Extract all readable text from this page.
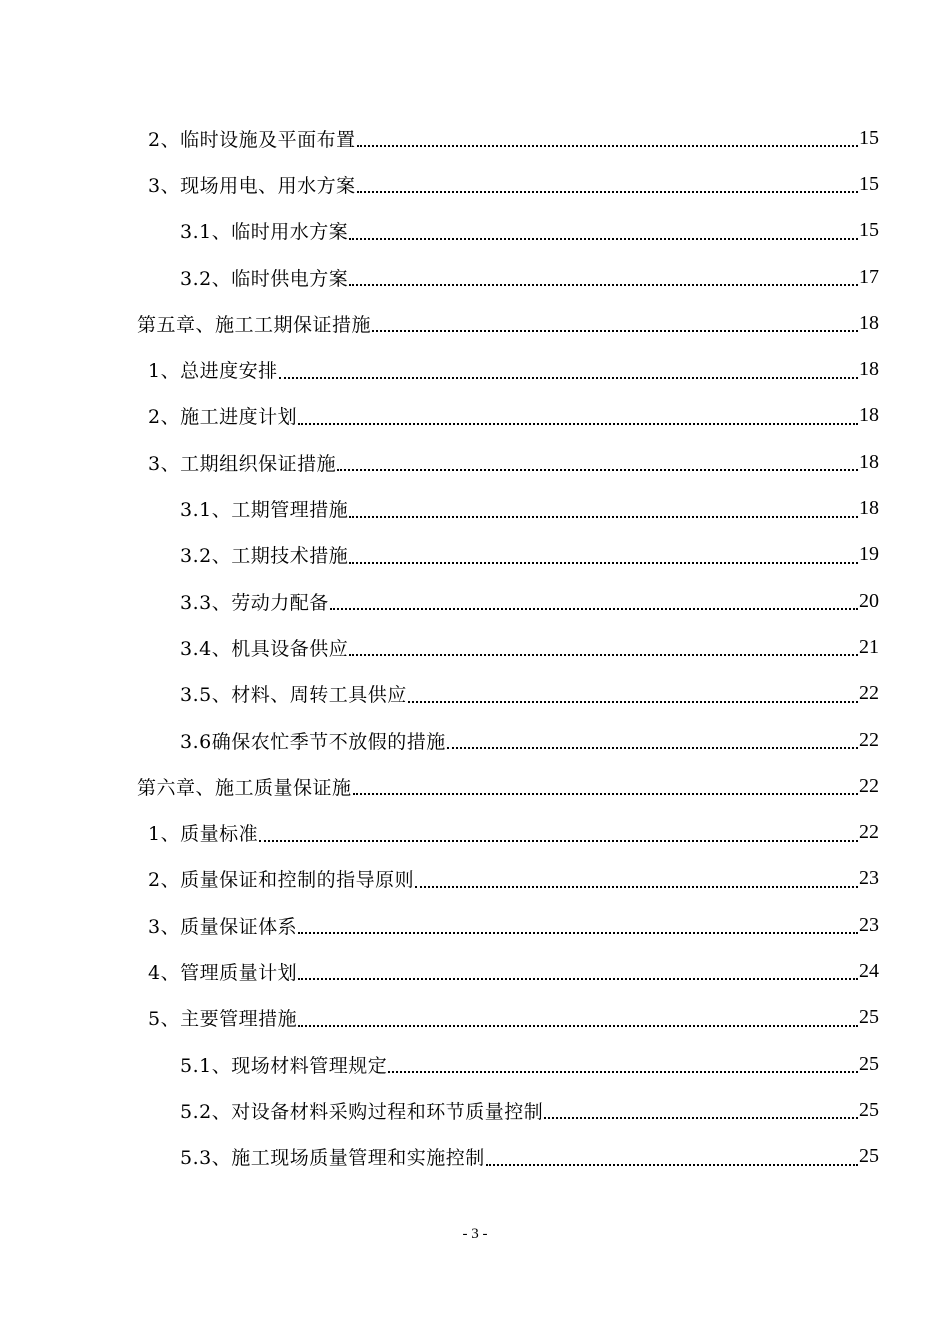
2、临时设施及平面布置	15
3、现场用电、用水方案	15
3.1、临时用水方案	15
3.2、临时供电方案	17
第五章、施工工期保证措施	18
1、总进度安排	18
2、施工进度计划	18
3、工期组织保证措施	18
3.1、工期管理措施	18
3.2、工期技术措施	19
3.3、劳动力配备	20
3.4、机具设备供应	21
3.5、材料、周转工具供应	22
3.6确保农忙季节不放假的措施	22
第六章、施工质量保证施	22
1、质量标准	22
2、质量保证和控制的指导原则	23
3、质量保证体系	23
4、管理质量计划	24
5、主要管理措施	25
5.1、现场材料管理规定	25
5.2、对设备材料采购过程和环节质量控制	25
5.3、施工现场质量管理和实施控制	25
- 3 -
